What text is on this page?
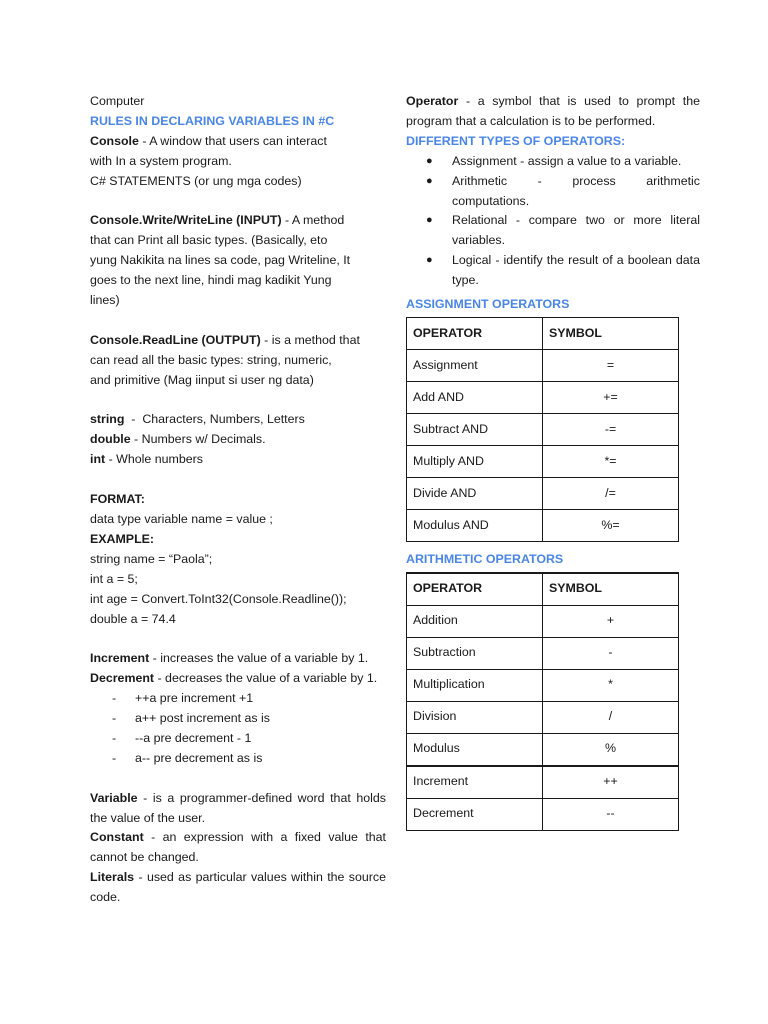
Computer

RULES IN DECLARING VARIABLES IN #C

Console - A window that users can interact

with In a system program.

C# STATEMENTS (or ung mga codes)

Console.Write/WriteLine (INPUT) - A method

that can Print all basic types. (Basically, eto

yung Nakikita na lines sa code, pag Writeline, It

goes to the next line, hindi mag kadikit Yung

lines)

Console.ReadLine (OUTPUT) - is a method that

can read all the basic types: string, numeric,

and primitive (Mag iinput si user ng data)

string  -  Characters, Numbers, Letters

double - Numbers w/ Decimals.

int - Whole numbers

FORMAT:

data type variable name = value ;

EXAMPLE:

string name = “Paola”;

int a = 5;

int age = Convert.ToInt32(Console.Readline());

double a = 74.4

Increment - increases the value of a variable by 1.

Decrement - decreases the value of a variable by 1.

- ++a pre increment +1
- a++ post increment as is
- --a pre decrement - 1
- a-- pre decrement as is

Variable - is a programmer-defined word that holds the value of the user.

Constant - an expression with a fixed value that cannot be changed.

Literals - used as particular values within the source code.

Operator - a symbol that is used to prompt the program that a calculation is to be performed.

DIFFERENT TYPES OF OPERATORS:

● Assignment - assign a value to a variable.
● Arithmetic  -  process  arithmetic computations.
● Relational - compare two or more literal variables.
● Logical - identify the result of a boolean data type.

ASSIGNMENT OPERATORS

OPERATOR	SYMBOL
Assignment	=
Add AND	+=
Subtract AND	-=
Multiply AND	*=
Divide AND	/=
Modulus AND	%=

ARITHMETIC OPERATORS

OPERATOR	SYMBOL
Addition	+
Subtraction	-
Multiplication	*
Division	/
Modulus	%
Increment	++
Decrement	--
